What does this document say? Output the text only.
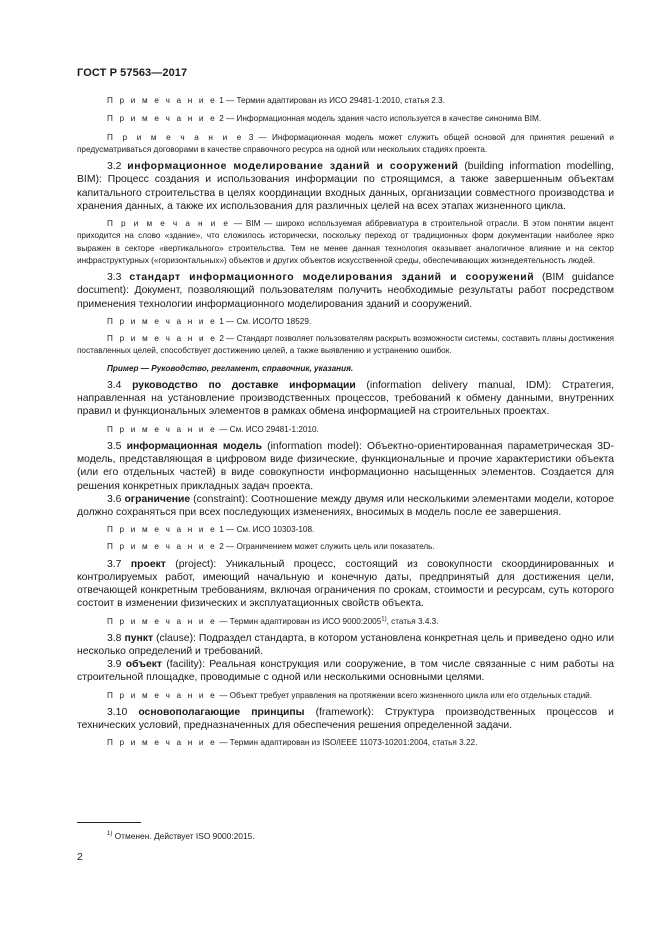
ГОСТ Р 57563—2017

П р и м е ч а н и е 1 — Термин адаптирован из ИСО 29481-1:2010, статья 2.3.

П р и м е ч а н и е 2 — Информационная модель здания часто используется в качестве синонима BIM.

П р и м е ч а н и е 3 — Информационная модель может служить общей основой для принятия решений и предусматриваться договорами в качестве справочного ресурса на одной или нескольких стадиях проекта.

3.2 информационное моделирование зданий и сооружений (building information modelling, BIM): Процесс создания и использования информации по строящимся, а также завершенным объектам капитального строительства в целях координации входных данных, организации совместного производства и хранения данных, а также их использования для различных целей на всех этапах жизненного цикла.

П р и м е ч а н и е — BIM — широко используемая аббревиатура в строительной отрасли. В этом понятии акцент приходится на слово «здание», что сложилось исторически, поскольку переход от традиционных форм документации наиболее ярко выражен в секторе «вертикального» строительства. Тем не менее данная технология оказывает аналогичное влияние и на сектор инфраструктурных («горизонтальных») объектов и других объектов искусственной среды, обеспечивающих жизнедеятельность людей.

3.3 стандарт информационного моделирования зданий и сооружений (BIM guidance document): Документ, позволяющий пользователям получить необходимые результаты работ посредством применения технологии информационного моделирования зданий и сооружений.

П р и м е ч а н и е 1 — См. ИСО/ТО 18529.

П р и м е ч а н и е 2 — Стандарт позволяет пользователям раскрыть возможности системы, составить планы достижения поставленных целей, способствует достижению целей, а также выявлению и устранению ошибок.

Пример — Руководство, регламент, справочник, указания.

3.4 руководство по доставке информации (information delivery manual, IDM): Стратегия, направленная на установление производственных процессов, требований к обмену данными, внутренних правил и функциональных элементов в рамках обмена информацией на строительных проектах.

П р и м е ч а н и е — См. ИСО 29481-1:2010.

3.5 информационная модель (information model): Объектно-ориентированная параметрическая 3D-модель, представляющая в цифровом виде физические, функциональные и прочие характеристики объекта (или его отдельных частей) в виде совокупности информационно насыщенных элементов. Создается для решения конкретных прикладных задач проекта.

3.6 ограничение (constraint): Соотношение между двумя или несколькими элементами модели, которое должно сохраняться при всех последующих изменениях, вносимых в модель после ее завершения.

П р и м е ч а н и е 1 — См. ИСО 10303-108.

П р и м е ч а н и е 2 — Ограничением может служить цель или показатель.

3.7 проект (project): Уникальный процесс, состоящий из совокупности скоординированных и контролируемых работ, имеющий начальную и конечную даты, предпринятый для достижения цели, отвечающей конкретным требованиям, включая ограничения по срокам, стоимости и ресурсам, суть которого состоит в изменении физических и эксплуатационных свойств объекта.

П р и м е ч а н и е — Термин адаптирован из ИСО 9000:2005$^{1)}$, статья 3.4.3.

3.8 пункт (clause): Подраздел стандарта, в котором установлена конкретная цель и приведено одно или несколько определений и требований.

3.9 объект (facility): Реальная конструкция или сооружение, в том числе связанные с ним работы на строительной площадке, проводимые с одной или несколькими основными целями.

П р и м е ч а н и е — Объект требует управления на протяжении всего жизненного цикла или его отдельных стадий.

3.10 основополагающие принципы (framework): Структура производственных процессов и технических условий, предназначенных для обеспечения решения определенной задачи.

П р и м е ч а н и е — Термин адаптирован из ISO/IEEE 11073-10201:2004, статья 3.22.

$^{1)}$ Отменен. Действует ISO 9000:2015.
2
